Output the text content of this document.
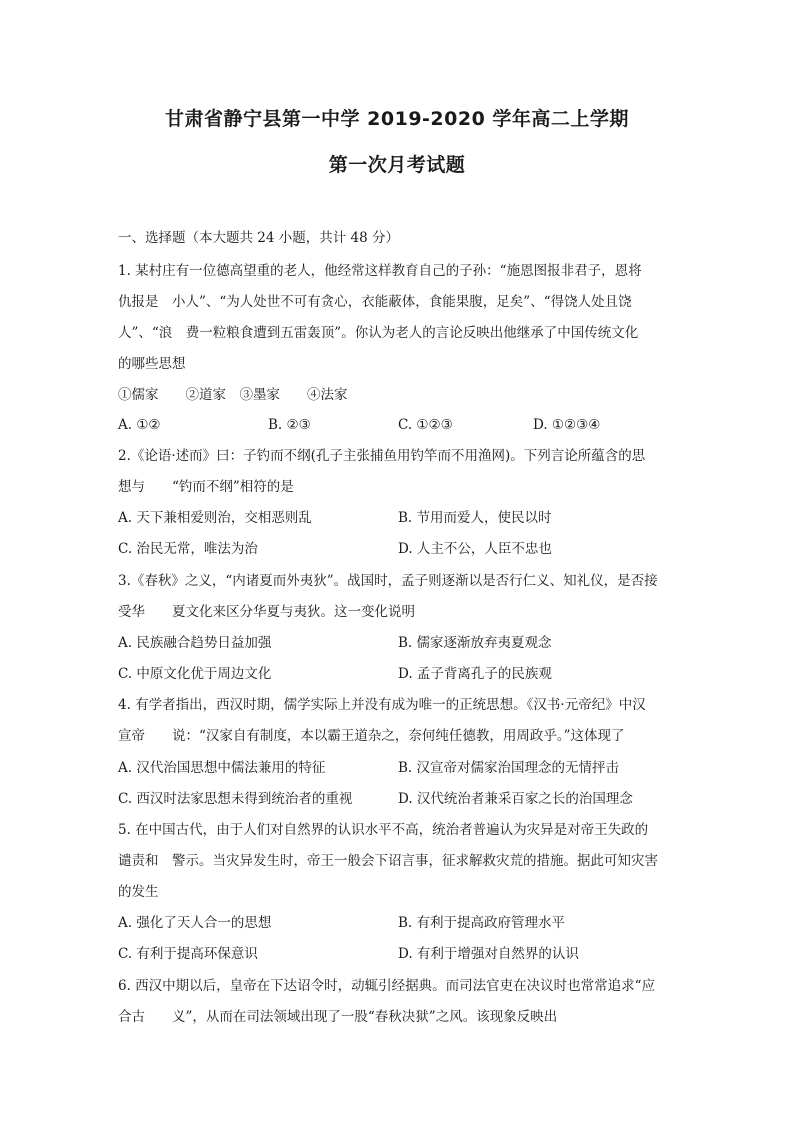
甘肃省静宁县第一中学 2019-2020 学年高二上学期
第一次月考试题
一、选择题（本大题共 24 小题，共计 48 分）
1. 某村庄有一位德高望重的老人，他经常这样教育自己的子孙：“施恩图报非君子，恩将
仇报是　小人”、“为人处世不可有贪心，衣能蔽体，食能果腹，足矣”、“得饶人处且饶
人”、“浪　费一粒粮食遭到五雷轰顶”。你认为老人的言论反映出他继承了中国传统文化
的哪些思想
①儒家　　②道家　③墨家　　④法家
A. ①②	B. ②③	C. ①②③	D. ①②③④
2.《论语·述而》曰：子钓而不纲(孔子主张捕鱼用钓竿而不用渔网)。下列言论所蕴含的思
想与　　“钓而不纲”相符的是
A. 天下兼相爱则治，交相恶则乱	B. 节用而爱人，使民以时
C. 治民无常，唯法为治	D. 人主不公，人臣不忠也
3.《春秋》之义，“内诸夏而外夷狄”。战国时，孟子则逐渐以是否行仁义、知礼仪，是否接
受华　　夏文化来区分华夏与夷狄。这一变化说明
A. 民族融合趋势日益加强	B. 儒家逐渐放弃夷夏观念
C. 中原文化优于周边文化	D. 孟子背离孔子的民族观
4. 有学者指出，西汉时期，儒学实际上并没有成为唯一的正统思想。《汉书·元帝纪》中汉
宣帝　　说：“汉家自有制度，本以霸王道杂之，奈何纯任德教，用周政乎。”这体现了
A. 汉代治国思想中儒法兼用的特征	B. 汉宣帝对儒家治国理念的无情抨击
C. 西汉时法家思想未得到统治者的重视	D. 汉代统治者兼采百家之长的治国理念
5. 在中国古代，由于人们对自然界的认识水平不高，统治者普遍认为灾异是对帝王失政的
谴责和　警示。当灾异发生时，帝王一般会下诏言事，征求解救灾荒的措施。据此可知灾害
的发生
A. 强化了天人合一的思想	B. 有利于提高政府管理水平
C. 有利于提高环保意识	D. 有利于增强对自然界的认识
6. 西汉中期以后，皇帝在下达诏令时，动辄引经据典。而司法官吏在决议时也常常追求“应
合古　　义”，从而在司法领域出现了一股“春秋决狱”之风。该现象反映出
